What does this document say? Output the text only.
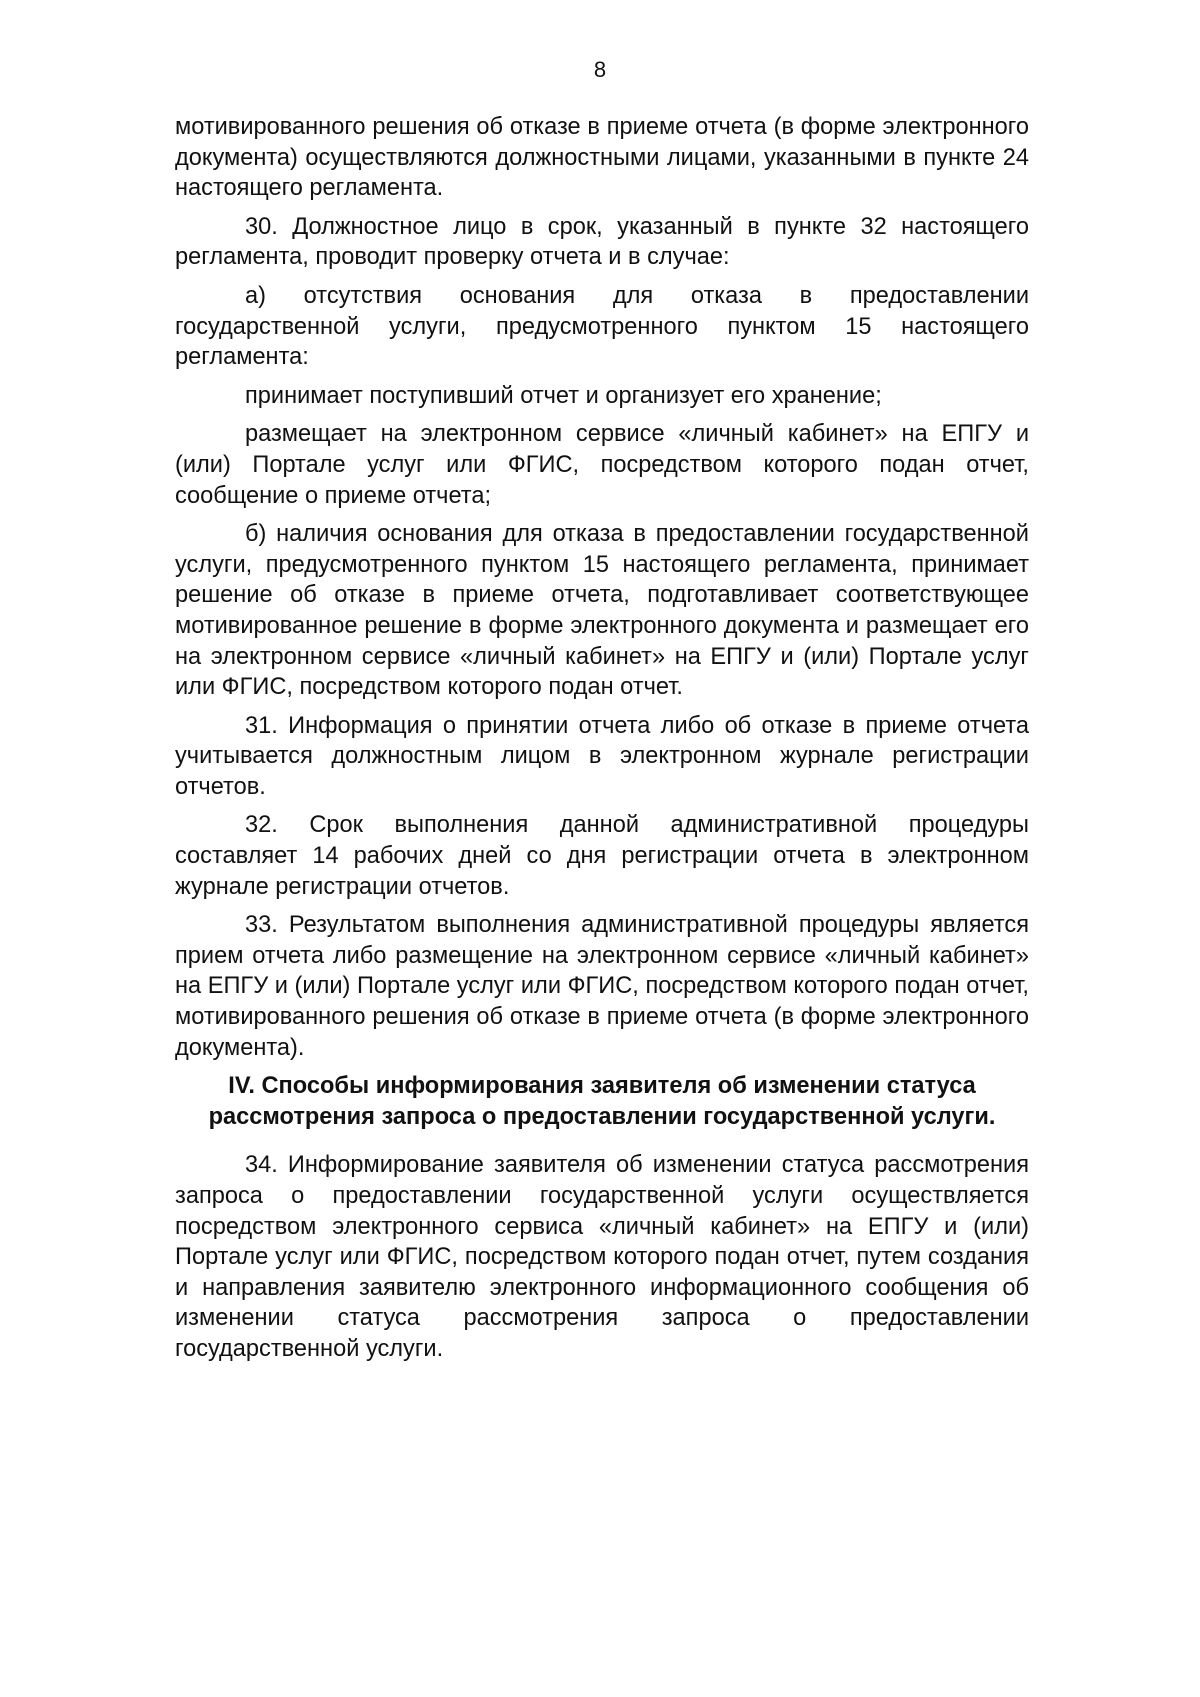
8

мотивированного решения об отказе в приеме отчета (в форме электронного документа) осуществляются должностными лицами, указанными в пункте 24 настоящего регламента.

30. Должностное лицо в срок, указанный в пункте 32 настоящего регламента, проводит проверку отчета и в случае:

а) отсутствия основания для отказа в предоставлении государственной услуги, предусмотренного пунктом 15 настоящего регламента:

принимает поступивший отчет и организует его хранение;

размещает на электронном сервисе «личный кабинет» на ЕПГУ и (или) Портале услуг или ФГИС, посредством которого подан отчет, сообщение о приеме отчета;

б) наличия основания для отказа в предоставлении государственной услуги, предусмотренного пунктом 15 настоящего регламента, принимает решение об отказе в приеме отчета, подготавливает соответствующее мотивированное решение в форме электронного документа и размещает его на электронном сервисе «личный кабинет» на ЕПГУ и (или) Портале услуг или ФГИС, посредством которого подан отчет.

31. Информация о принятии отчета либо об отказе в приеме отчета учитывается должностным лицом в электронном журнале регистрации отчетов.

32. Срок выполнения данной административной процедуры составляет 14 рабочих дней со дня регистрации отчета в электронном журнале регистрации отчетов.

33. Результатом выполнения административной процедуры является прием отчета либо размещение на электронном сервисе «личный кабинет» на ЕПГУ и (или) Портале услуг или ФГИС, посредством которого подан отчет, мотивированного решения об отказе в приеме отчета (в форме электронного документа).

IV. Способы информирования заявителя об изменении статуса
рассмотрения запроса о предоставлении государственной услуги.

34. Информирование заявителя об изменении статуса рассмотрения запроса о предоставлении государственной услуги осуществляется посредством электронного сервиса «личный кабинет» на ЕПГУ и (или) Портале услуг или ФГИС, посредством которого подан отчет, путем создания и направления заявителю электронного информационного сообщения об изменении статуса рассмотрения запроса о предоставлении государственной услуги.
